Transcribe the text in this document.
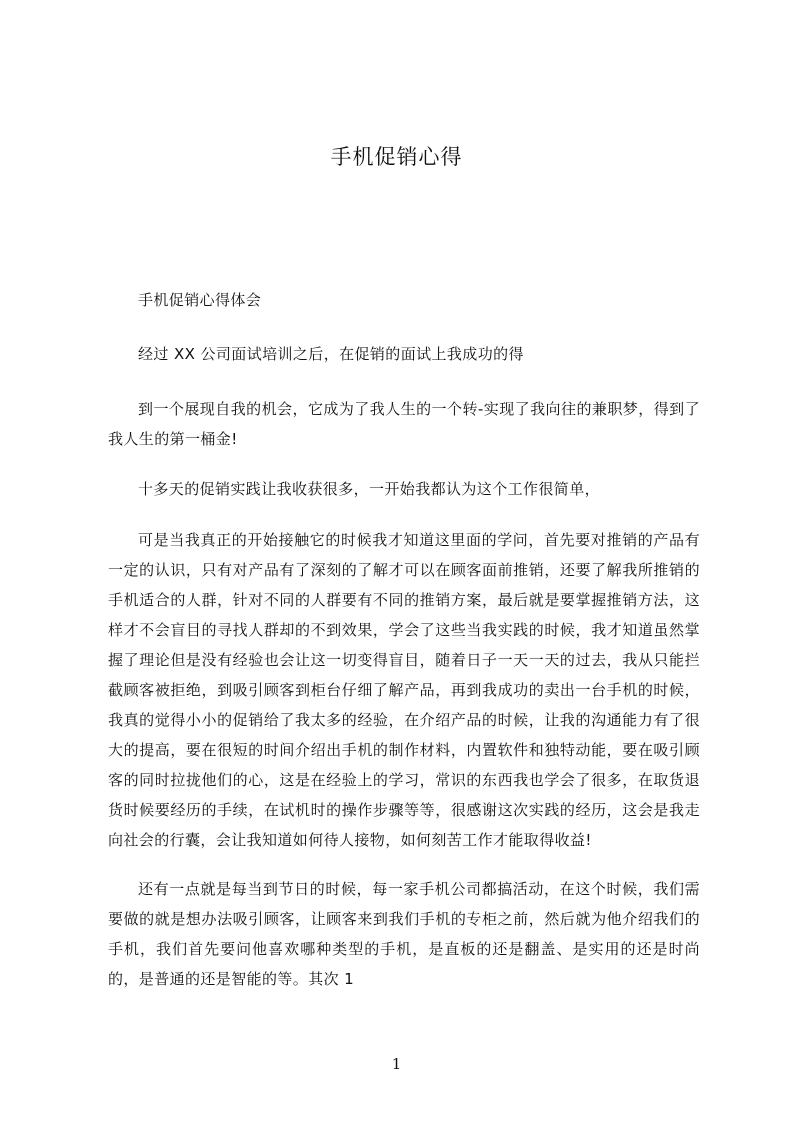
手机促销心得
手机促销心得体会
经过 XX 公司面试培训之后，在促销的面试上我成功的得
到一个展现自我的机会，它成为了我人生的一个转-实现了我向往的兼职梦，得到了我人生的第一桶金!
十多天的促销实践让我收获很多，一开始我都认为这个工作很简单，
可是当我真正的开始接触它的时候我才知道这里面的学问，首先要对推销的产品有一定的认识，只有对产品有了深刻的了解才可以在顾客面前推销，还要了解我所推销的手机适合的人群，针对不同的人群要有不同的推销方案，最后就是要掌握推销方法，这样才不会盲目的寻找人群却的不到效果，学会了这些当我实践的时候，我才知道虽然掌握了理论但是没有经验也会让这一切变得盲目，随着日子一天一天的过去，我从只能拦截顾客被拒绝，到吸引顾客到柜台仔细了解产品，再到我成功的卖出一台手机的时候，我真的觉得小小的促销给了我太多的经验，在介绍产品的时候，让我的沟通能力有了很大的提高，要在很短的时间介绍出手机的制作材料，内置软件和独特动能，要在吸引顾客的同时拉拢他们的心，这是在经验上的学习，常识的东西我也学会了很多，在取货退货时候要经历的手续，在试机时的操作步骤等等，很感谢这次实践的经历，这会是我走向社会的行囊，会让我知道如何待人接物，如何刻苦工作才能取得收益!
还有一点就是每当到节日的时候，每一家手机公司都搞活动，在这个时候，我们需要做的就是想办法吸引顾客，让顾客来到我们手机的专柜之前，然后就为他介绍我们的手机，我们首先要问他喜欢哪种类型的手机，是直板的还是翻盖、是实用的还是时尚的，是普通的还是智能的等。其次 1
1
